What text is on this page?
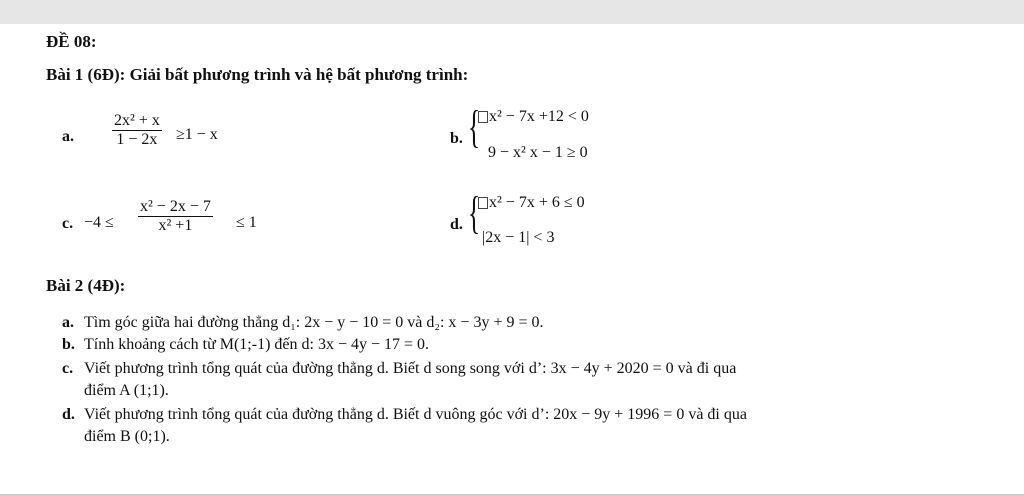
ĐỀ 08:
Bài 1 (6Đ): Giải bất phương trình và hệ bất phương trình:
a.
2x² + x
1 − 2x ≥1 − x	b. { x² − 7x +12 < 0
9 − x² x − 1 ≥ 0
c. −4 ≤
x² − 2x − 7
x² +1	≤ 1	d. { x² − 7x + 6 ≤ 0
|2x − 1| < 3
Bài 2 (4Đ):
a. Tìm góc giữa hai đường thẳng d₁: 2x − y − 10 = 0 và d₂: x − 3y + 9 = 0.
b. Tính khoảng cách từ M(1;-1) đến d: 3x − 4y − 17 = 0.
c. Viết phương trình tổng quát của đường thẳng d. Biết d song song với d’: 3x − 4y + 2020 = 0 và đi qua
điểm A (1;1).
d. Viết phương trình tổng quát của đường thẳng d. Biết d vuông góc với d’: 20x − 9y + 1996 = 0 và đi qua
điểm B (0;1).
